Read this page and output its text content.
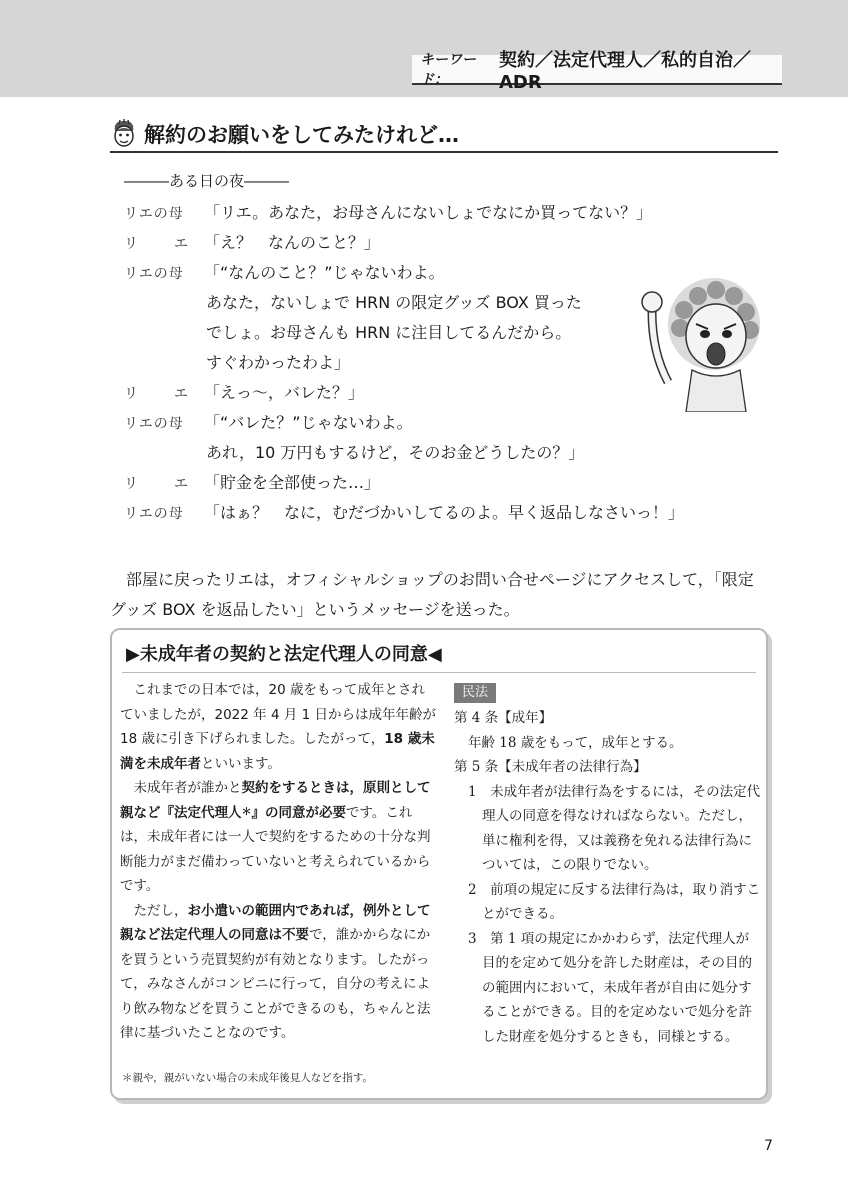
キーワード：
契約／法定代理人／私的自治／ ADR
解約のお願いをしてみたけれど…
―――ある日の夜―――
リエの母 「リエ。あなた，お母さんにないしょでなにか買ってない？」
リ	エ 「え？　なんのこと？」
リエの母 「“なんのこと？”じゃないわよ。
あなた，ないしょで HRN の限定グッズ BOX 買った
でしょ。お母さんも HRN に注目してるんだから。
すぐわかったわよ」
リ	エ 「えっ～，バレた？」
リエの母 「“バレた？”じゃないわよ。
あれ，10 万円もするけど，そのお金どうしたの？」
リ	エ 「貯金を全部使った…」
リエの母 「はぁ？　なに，むだづかいしてるのよ。早く返品しなさいっ！」
　部屋に戻ったリエは，オフィシャルショップのお問い合せページにアクセスして，「限定
グッズ BOX を返品したい」というメッセージを送った。
▶未成年者の契約と法定代理人の同意◀

これまでの日本では，20 歳をもって成年とされていましたが，2022 年 4 月 1 日からは成年年齢が 18 歳に引き下げられました。したがって，18 歳未満を未成年者といいます。

未成年者が誰かと契約をするときは，原則として親など『法定代理人＊』の同意が必要です。これは，未成年者には一人で契約をするための十分な判断能力がまだ備わっていないと考えられているからです。

ただし，お小遣いの範囲内であれば，例外として親など法定代理人の同意は不要で，誰かからなにかを買うという売買契約が有効となります。したがって，みなさんがコンビニに行って，自分の考えにより飲み物などを買うことができるのも，ちゃんと法律に基づいたことなのです。

＊親や，親がいない場合の未成年後見人などを指す。
民法
第 4 条【成年】
年齢 18 歳をもって，成年とする。
第 5 条【未成年者の法律行為】
1　未成年者が法律行為をするには，その法定代理人の同意を得なければならない。ただし，単に権利を得，又は義務を免れる法律行為については，この限りでない。
2　前項の規定に反する法律行為は，取り消すことができる。
3　第 1 項の規定にかかわらず，法定代理人が目的を定めて処分を許した財産は，その目的の範囲内において，未成年者が自由に処分することができる。目的を定めないで処分を許した財産を処分するときも，同様とする。
7
